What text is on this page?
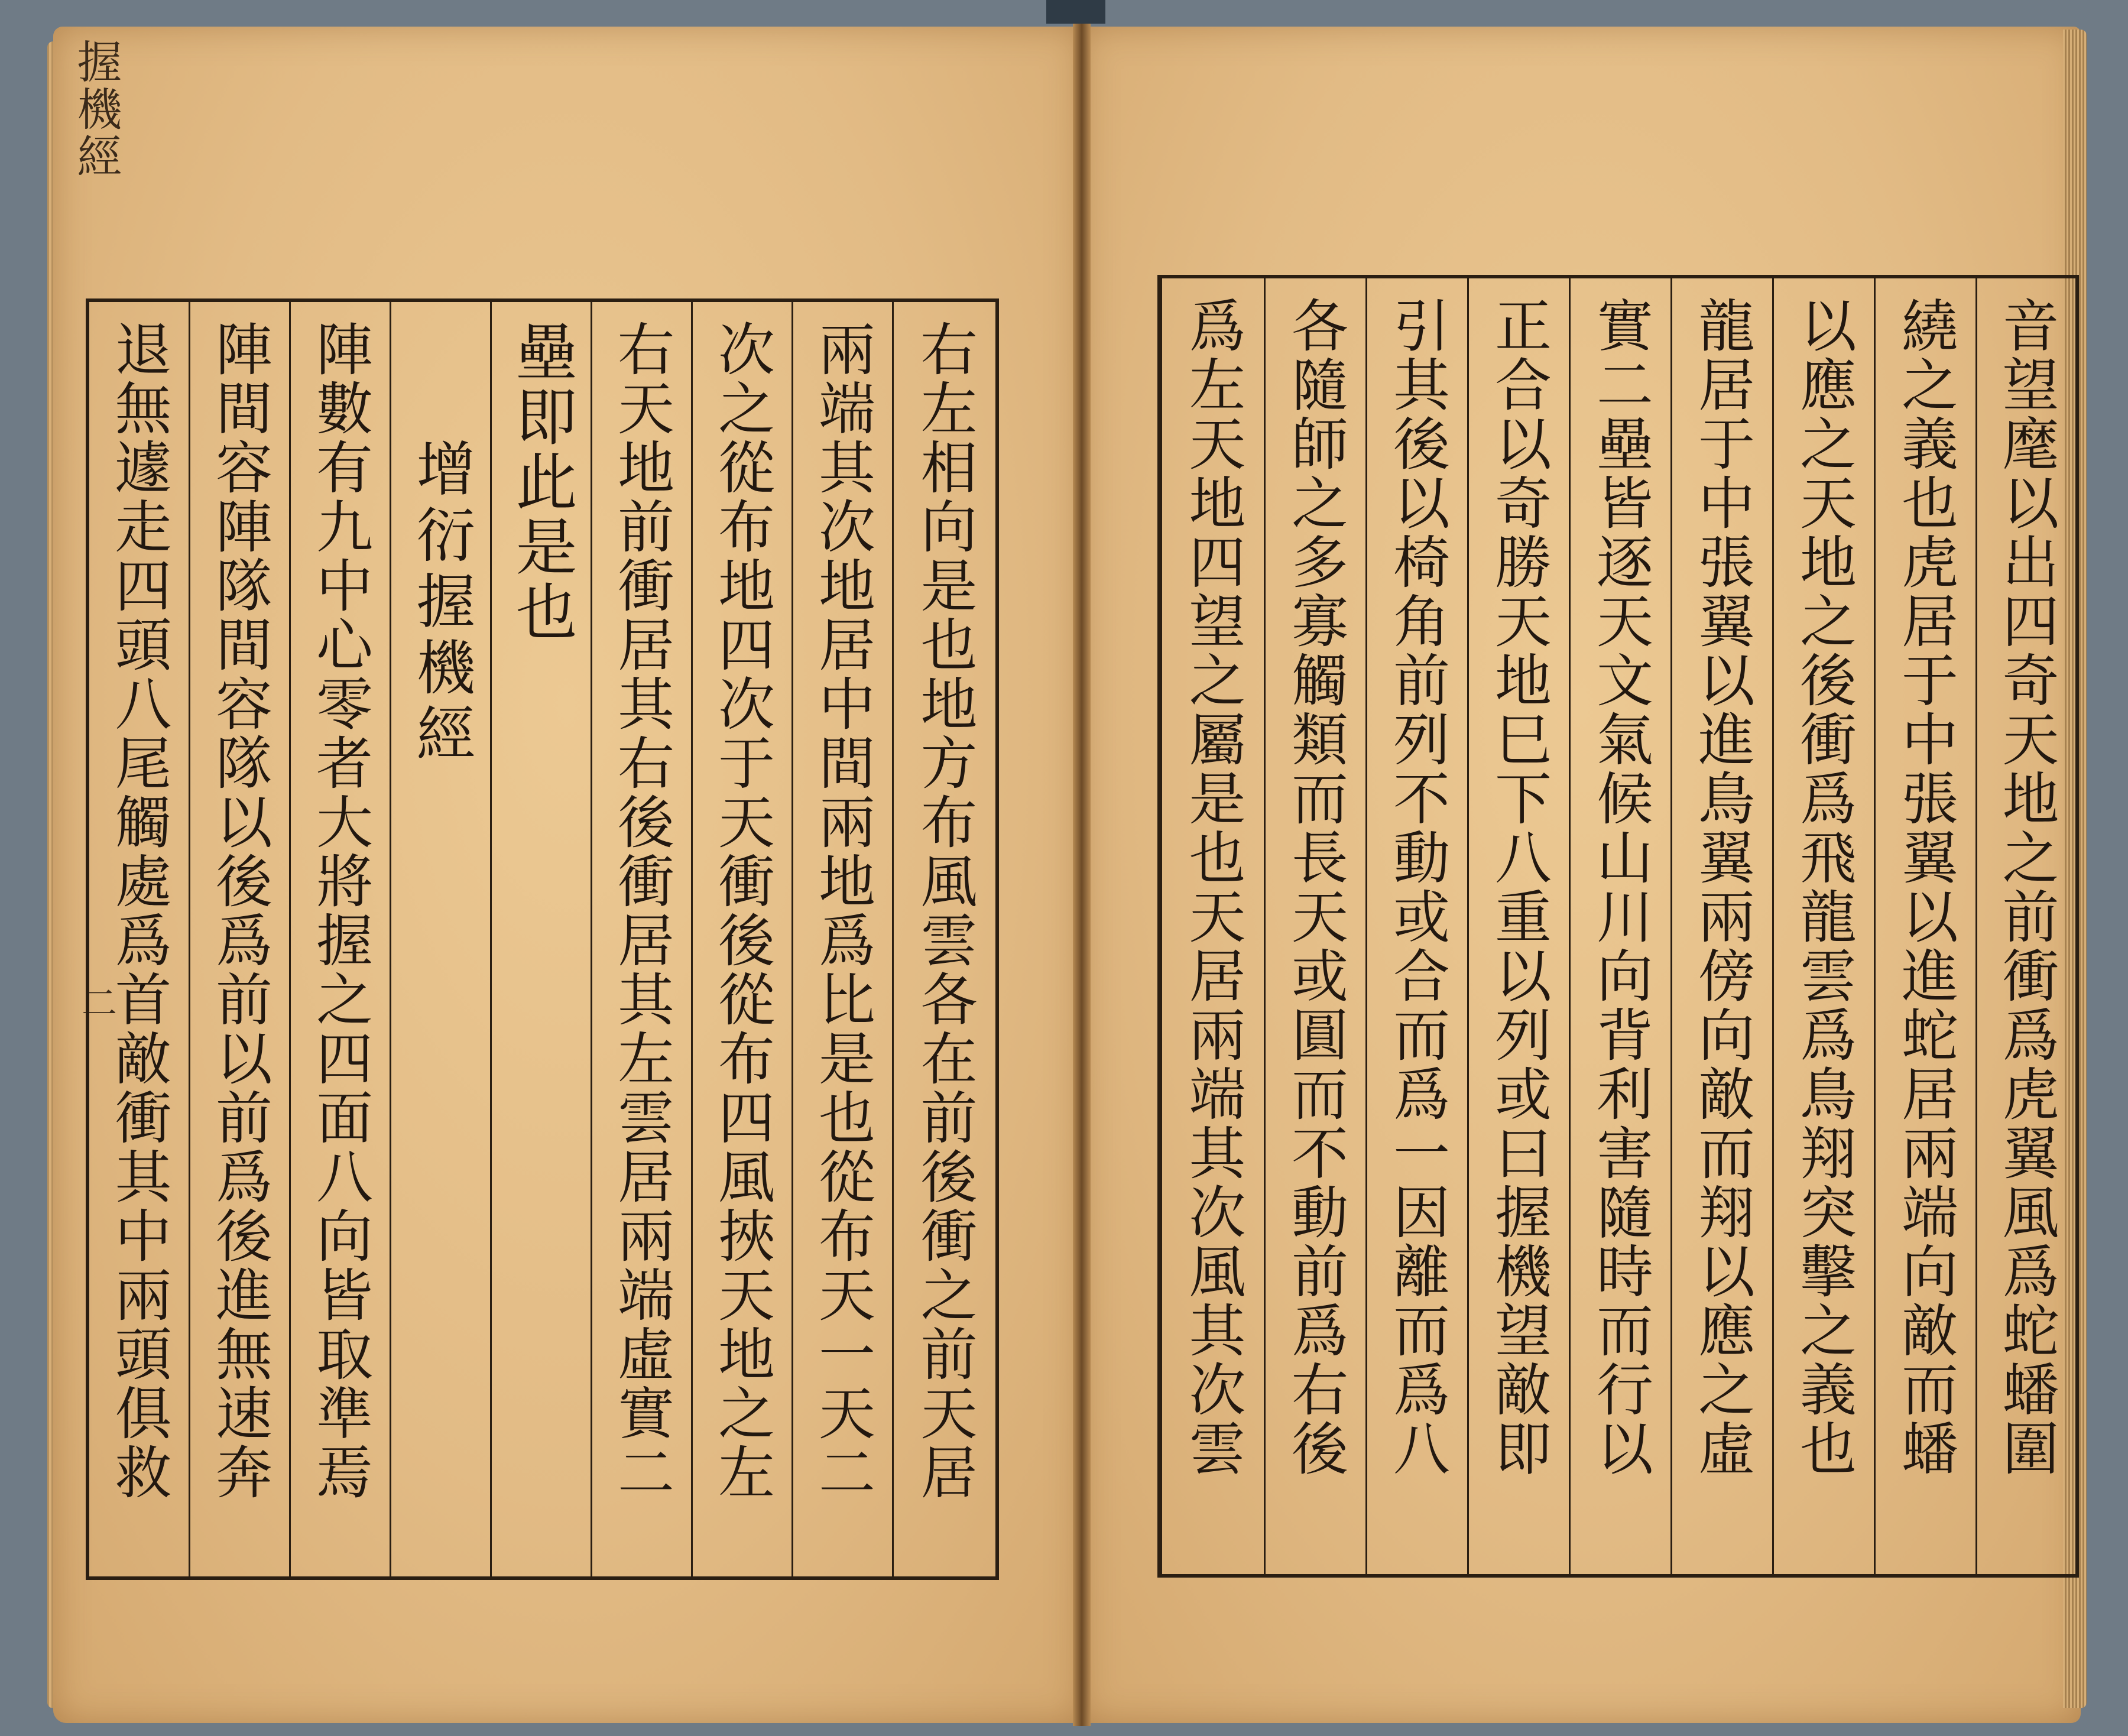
握機經
二
退無遽走四頭八尾觸處爲首敵衝其中兩頭俱救 陣間容陣隊間容隊以後爲前以前爲後進無速奔 陣數有九中心零者大將握之四面八向皆取準焉 增衍握機經 壘即此是也 右天地前衝居其右後衝居其左雲居兩端虛實二 次之從布地四次于天衝後從布四風挾天地之左 兩端其次地居中間兩地爲比是也從布天一天二 右左相向是也地方布風雲各在前後衝之前天居	爲左天地四望之屬是也天居兩端其次風其次雲 各隨師之多寡觸類而長天或圓而不動前爲右後 引其後以椅角前列不動或合而爲一因離而爲八 正合以奇勝天地巳下八重以列或曰握機望敵即 實二壘皆逐天文氣候山川向背利害隨時而行以 龍居于中張翼以進鳥翼兩傍向敵而翔以應之虛 以應之天地之後衝爲飛龍雲爲鳥翔突擊之義也 繞之義也虎居于中張翼以進蛇居兩端向敵而蟠 音望麾以出四奇天地之前衝爲虎翼風爲蛇蟠圍
